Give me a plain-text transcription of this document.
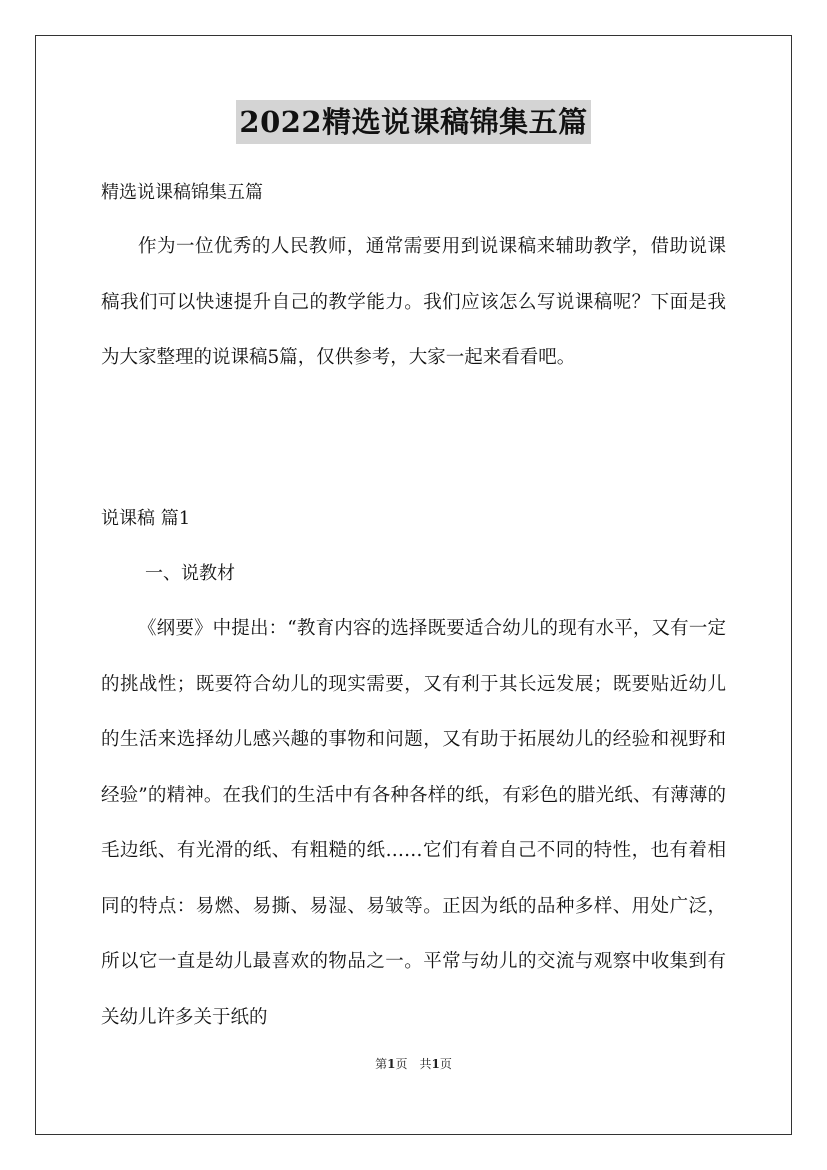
2022精选说课稿锦集五篇
精选说课稿锦集五篇

作为一位优秀的人民教师，通常需要用到说课稿来辅助教学，借助说课稿我们可以快速提升自己的教学能力。我们应该怎么写说课稿呢？下面是我为大家整理的说课稿5篇，仅供参考，大家一起来看看吧。

说课稿 篇1
一、说教材

《纲要》中提出：“教育内容的选择既要适合幼儿的现有水平，又有一定的挑战性；既要符合幼儿的现实需要，又有利于其长远发展；既要贴近幼儿的生活来选择幼儿感兴趣的事物和问题，又有助于拓展幼儿的经验和视野和经验”的精神。在我们的生活中有各种各样的纸，有彩色的腊光纸、有薄薄的毛边纸、有光滑的纸、有粗糙的纸……它们有着自己不同的特性，也有着相同的特点：易燃、易撕、易湿、易皱等。正因为纸的品种多样、用处广泛，所以它一直是幼儿最喜欢的物品之一。平常与幼儿的交流与观察中收集到有关幼儿许多关于纸的

第1页　共1页
